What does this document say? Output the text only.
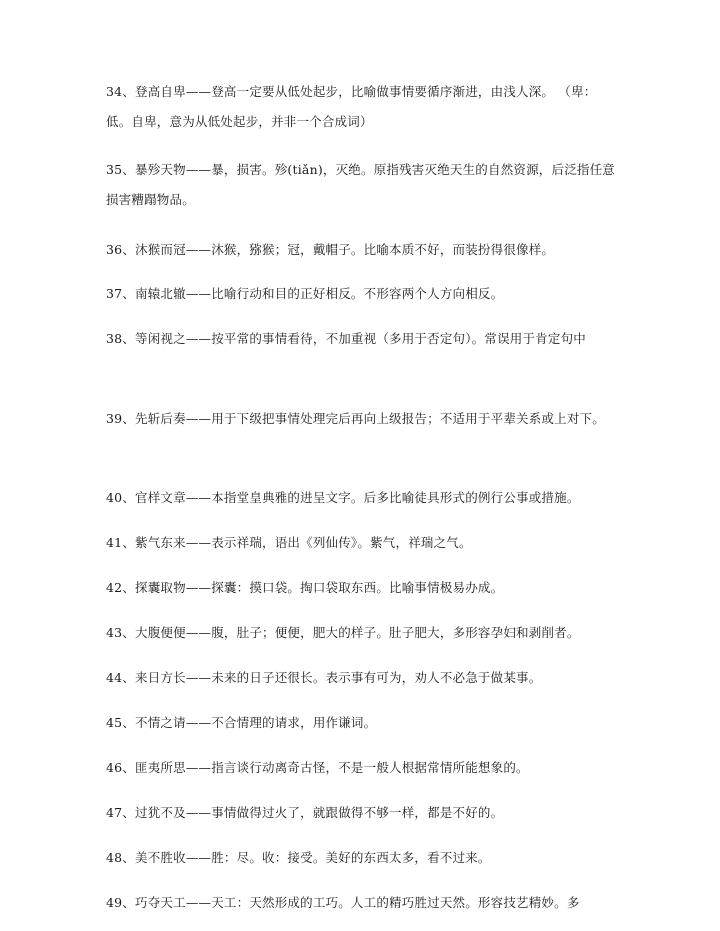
34、登高自卑——登高一定要从低处起步，比喻做事情要循序渐进，由浅人深。 （卑：低。自卑，意为从低处起步，并非一个合成词）

35、暴殄天物——暴，损害。殄(tiǎn)，灭绝。原指残害灭绝天生的自然资源，后泛指任意损害糟蹋物品。

36、沐猴而冠——沐猴，猕猴；冠，戴帽子。比喻本质不好，而装扮得很像样。

37、南辕北辙——比喻行动和目的正好相反。不形容两个人方向相反。

38、等闲视之——按平常的事情看待，不加重视（多用于否定句）。常误用于肯定句中

39、先斩后奏——用于下级把事情处理完后再向上级报告；不适用于平辈关系或上对下。

40、官样文章——本指堂皇典雅的进呈文字。后多比喻徒具形式的例行公事或措施。

41、紫气东来——表示祥瑞，语出《列仙传》。紫气，祥瑞之气。

42、探囊取物——探囊：摸口袋。掏口袋取东西。比喻事情极易办成。

43、大腹便便——腹，肚子；便便，肥大的样子。肚子肥大，多形容孕妇和剥削者。

44、来日方长——未来的日子还很长。表示事有可为，劝人不必急于做某事。

45、不情之请——不合情理的请求，用作谦词。

46、匪夷所思——指言谈行动离奇古怪，不是一般人根据常情所能想象的。

47、过犹不及——事情做得过火了，就跟做得不够一样，都是不好的。

48、美不胜收——胜：尽。收：接受。美好的东西太多，看不过来。

49、巧夺天工——天工：天然形成的工巧。人工的精巧胜过天然。形容技艺精妙。多
